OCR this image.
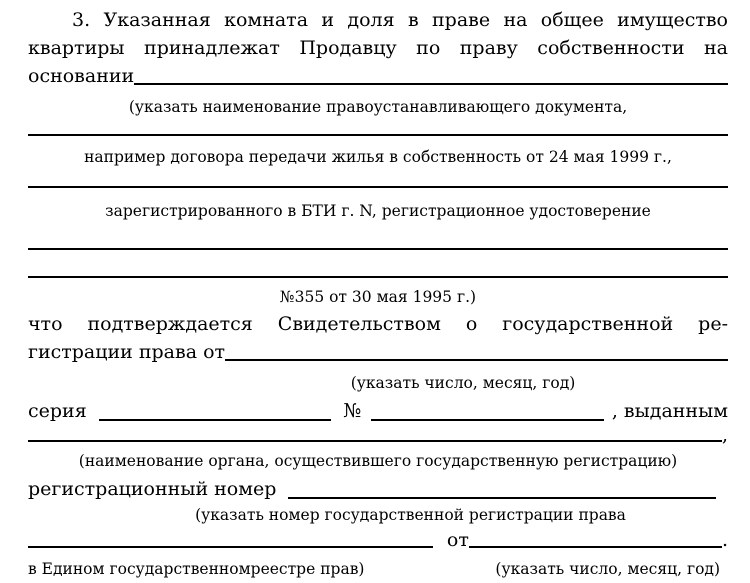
3. Указанная комната и доля в праве на общее имущество
квартиры принадлежат Продавцу по праву собственности на
основании
(указать наименование правоустанавливающего документа,
например договора передачи жилья в собственность от 24 мая 1999 г.,
зарегистрированного в БТИ г. N, регистрационное удостоверение
№355 от 30 мая 1995 г.)
что подтверждается Свидетельством о государственной ре-
гистрации права от
(указать число, месяц, год)
серия	№	, выданным
,
(наименование органа, осуществившего государственную регистрацию)
регистрационный номер
(указать номер государственной регистрации права
от	.
в Едином государственномреестре прав)	(указать число, месяц, год)
